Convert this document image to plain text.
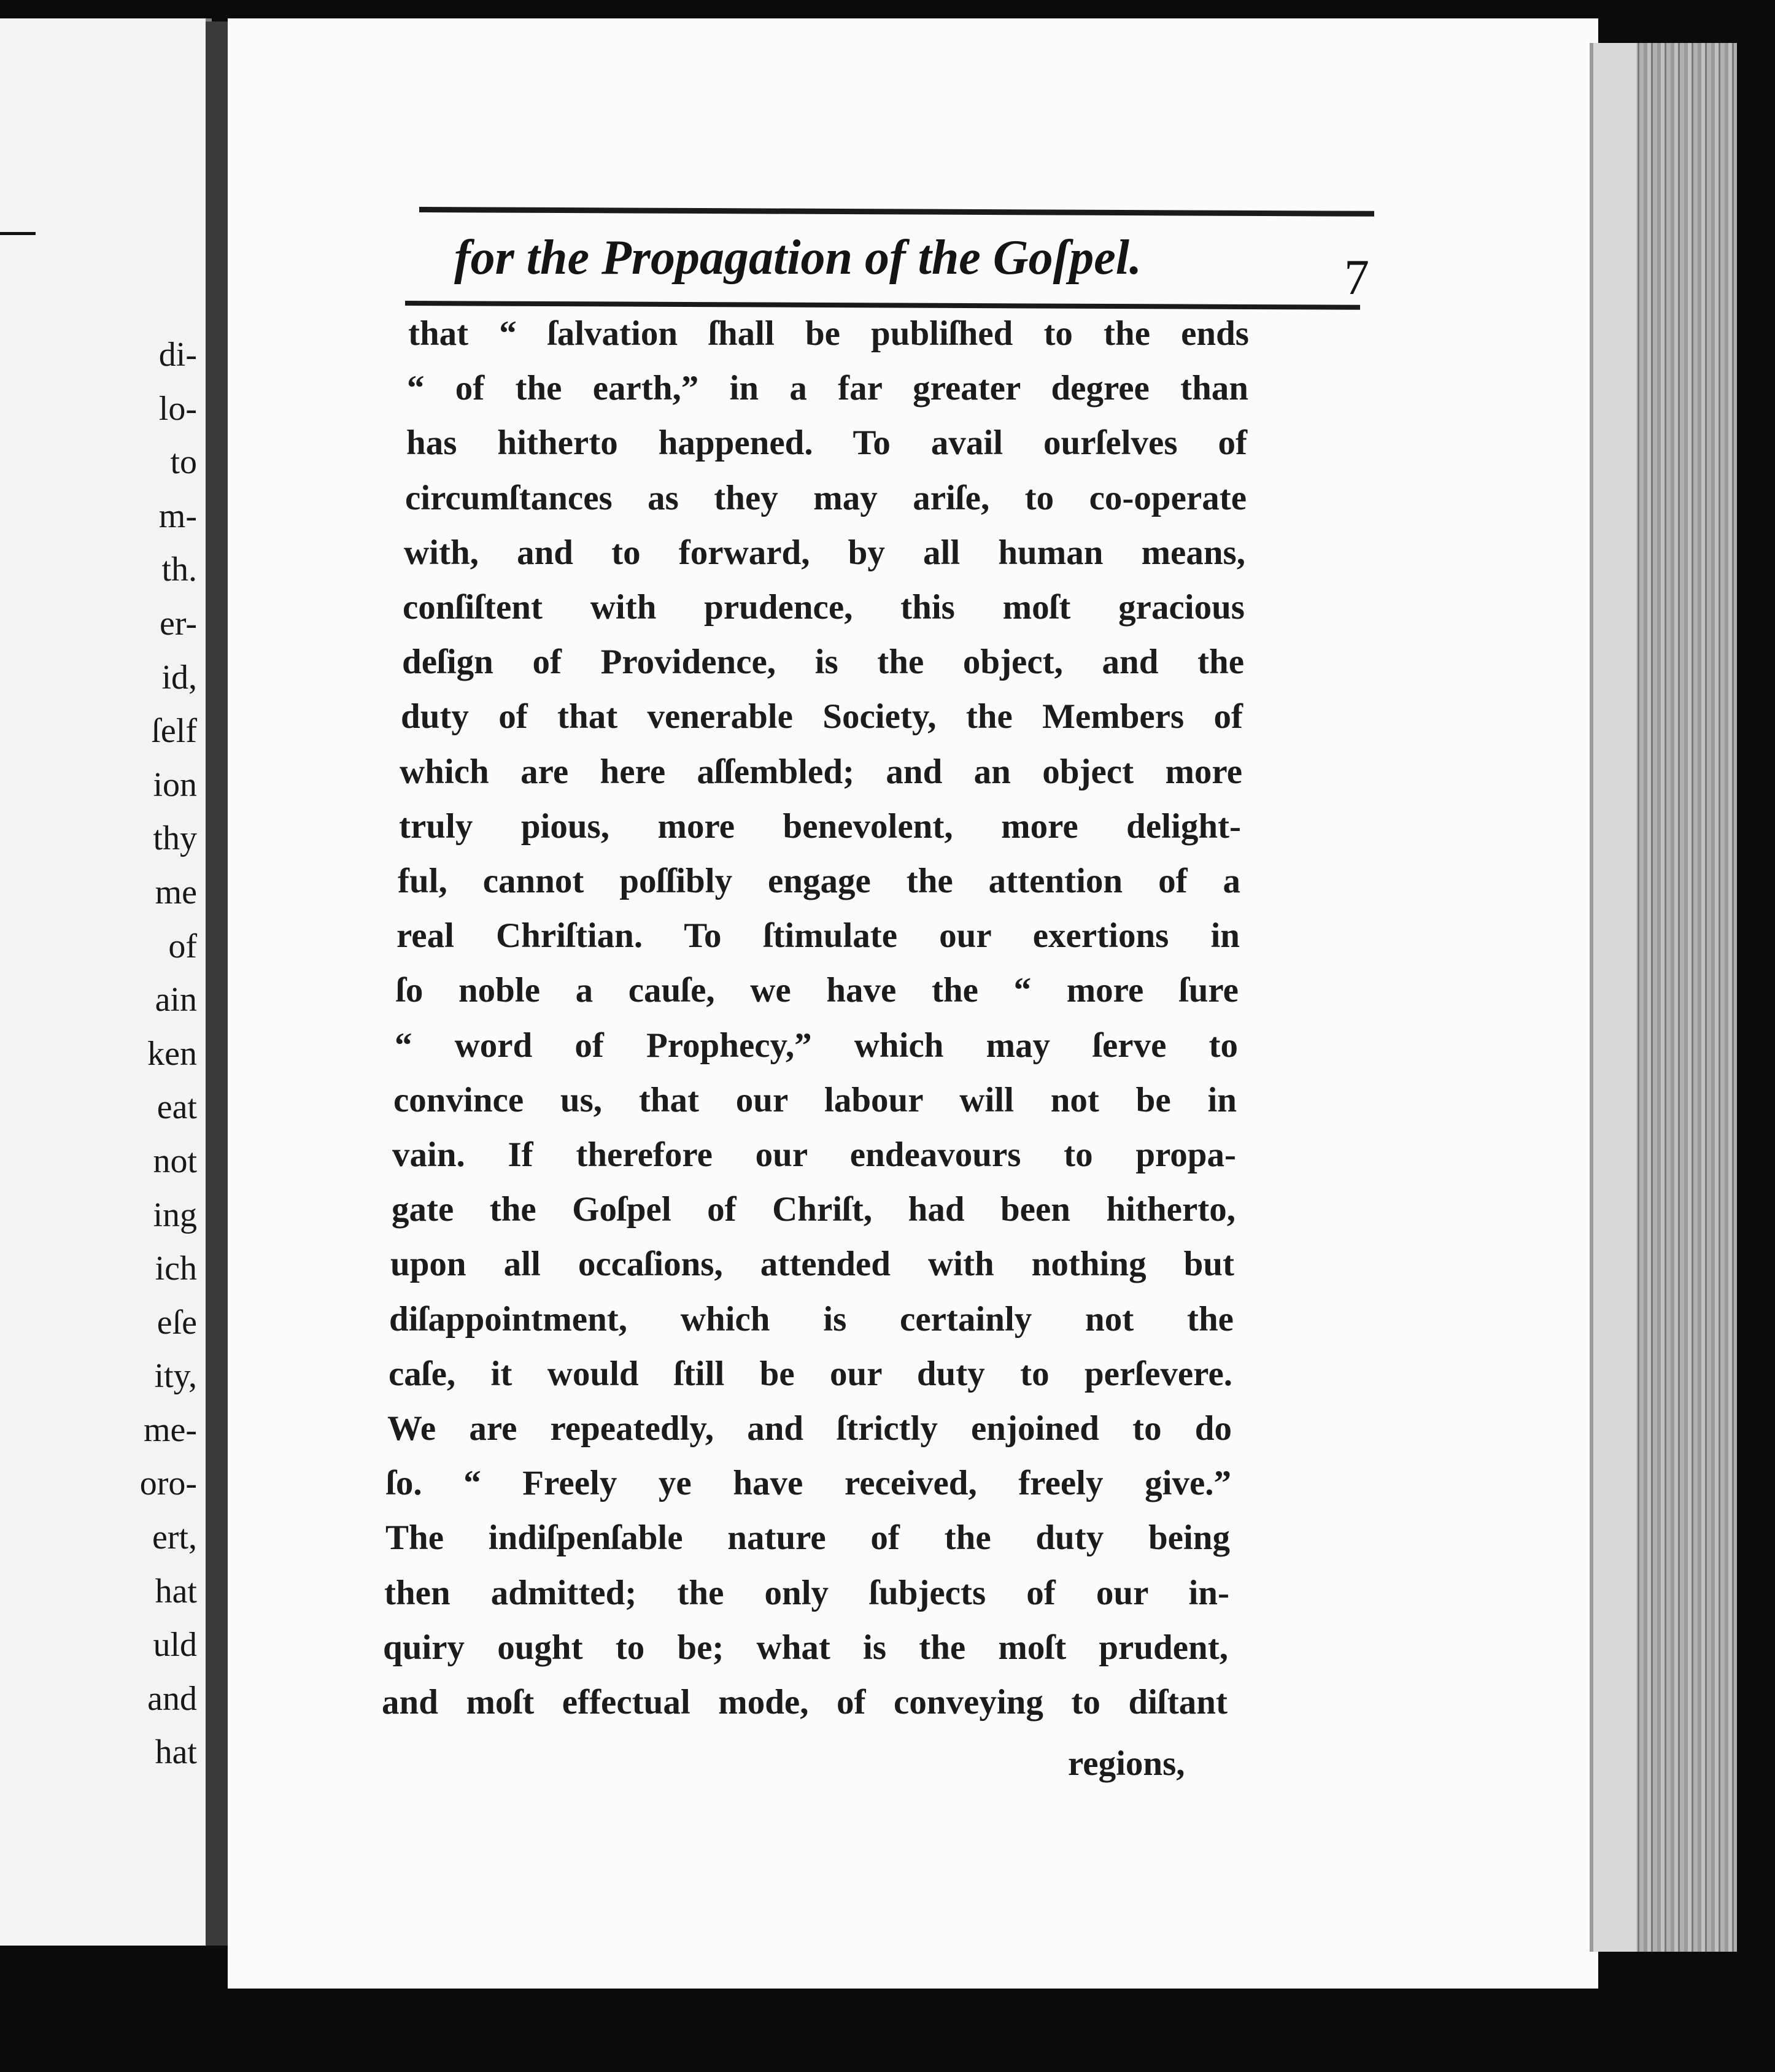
di-
lo-
to
m-
th.
er-
id,
ſelf
ion
thy
me
of
ain
ken
eat
not
ing
ich
eſe
ity,
me-
oro-
ert,
hat
uld
and
hat
for the Propagation of the Goſpel.	7
that “ ſalvation ſhall be publiſhed to the ends
“ of the earth,” in a far greater degree than
has hitherto happened. To avail ourſelves of
circumſtances as they may ariſe, to co-operate
with, and to forward, by all human means,
conſiſtent with prudence, this moſt gracious
deſign of Providence, is the object, and the
duty of that venerable Society, the Members of
which are here aſſembled; and an object more
truly pious, more benevolent, more delight-
ful, cannot poſſibly engage the attention of a
real Chriſtian. To ſtimulate our exertions in
ſo noble a cauſe, we have the “ more ſure
“ word of Prophecy,” which may ſerve to
convince us, that our labour will not be in
vain. If therefore our endeavours to propa-
gate the Goſpel of Chriſt, had been hitherto,
upon all occaſions, attended with nothing but
diſappointment, which is certainly not the
caſe, it would ſtill be our duty to perſevere.
We are repeatedly, and ſtrictly enjoined to do
ſo. “ Freely ye have received, freely give.”
The indiſpenſable nature of the duty being
then admitted; the only ſubjects of our in-
quiry ought to be; what is the moſt prudent,
and moſt effectual mode, of conveying to diſtant
regions,
